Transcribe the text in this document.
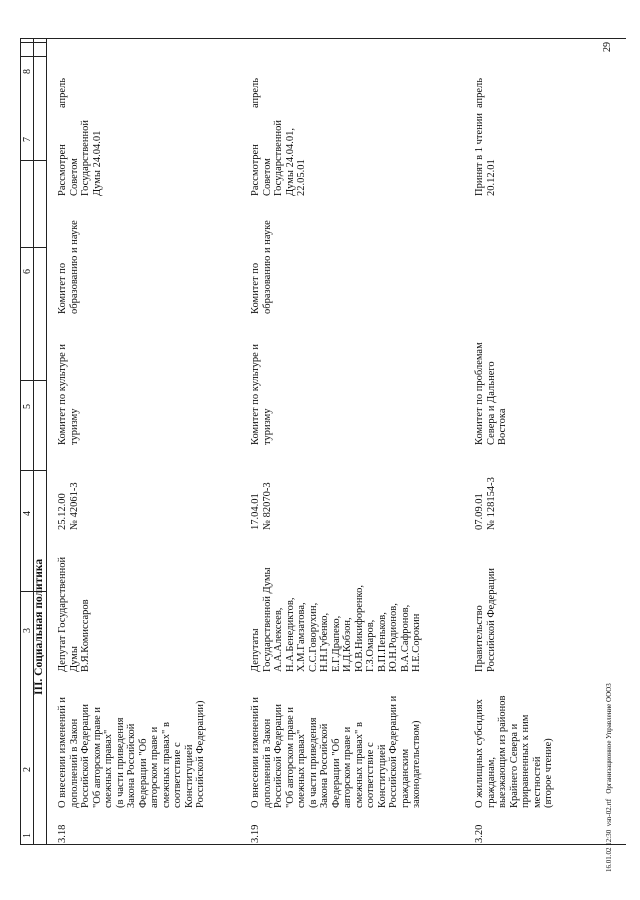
1
2
3
4
5
6
7
8
III. Социальная политика
3.18
О внесении изменений и
дополнений в Закон
Российской Федерации
"Об авторском праве и
смежных правах"
(в части приведения
Закона Российской
Федерации "Об
авторском праве и
смежных правах" в
соответствие с
Конституцией
Российской Федерации)
Депутат Государственной
Думы
В.Я.Комиссаров
25.12.00
№ 42061-3
Комитет по культуре и
туризму
Комитет по
образованию и науке
Рассмотрен
Советом
Государственной
Думы 24.04.01
апрель
3.19
О внесении изменений и
дополнений в Закон
Российской Федерации
"Об авторском праве и
смежных правах"
(в части приведения
Закона Российской
Федерации "Об
авторском праве и
смежных правах" в
соответствие с
Конституцией
Российской Федерации и
гражданским
законодательством)
Депутаты
Государственной Думы
А.А.Алексеев,
Н.А.Бенедиктов,
Х.М.Гамзатова,
С.С.Говорухин,
Н.Н.Губенко,
Е.Г.Драпеко,
И.Д.Кобзон,
Ю.В.Никифоренко,
Г.З.Омаров,
В.П.Пеньков,
Ю.Н.Родионов,
В.А.Сафронов,
Н.Е.Сорокин
17.04.01
№ 82070-3
Комитет по культуре и
туризму
Комитет по
образованию и науке
Рассмотрен
Советом
Государственной
Думы 24.04.01,
22.05.01
апрель
3.20
О жилищных субсидиях
гражданам,
выезжающим из районов
Крайнего Севера и
приравненных к ним
местностей
(второе чтение)
Правительство
Российской Федерации
07.09.01
№ 128154-3
Комитет по проблемам
Севера и Дальнего
Востока
Принят в 1 чтении
20.12.01
апрель
16.01.02 12:30  vsn-02.rtf   Организационное Управление ООО3
29
